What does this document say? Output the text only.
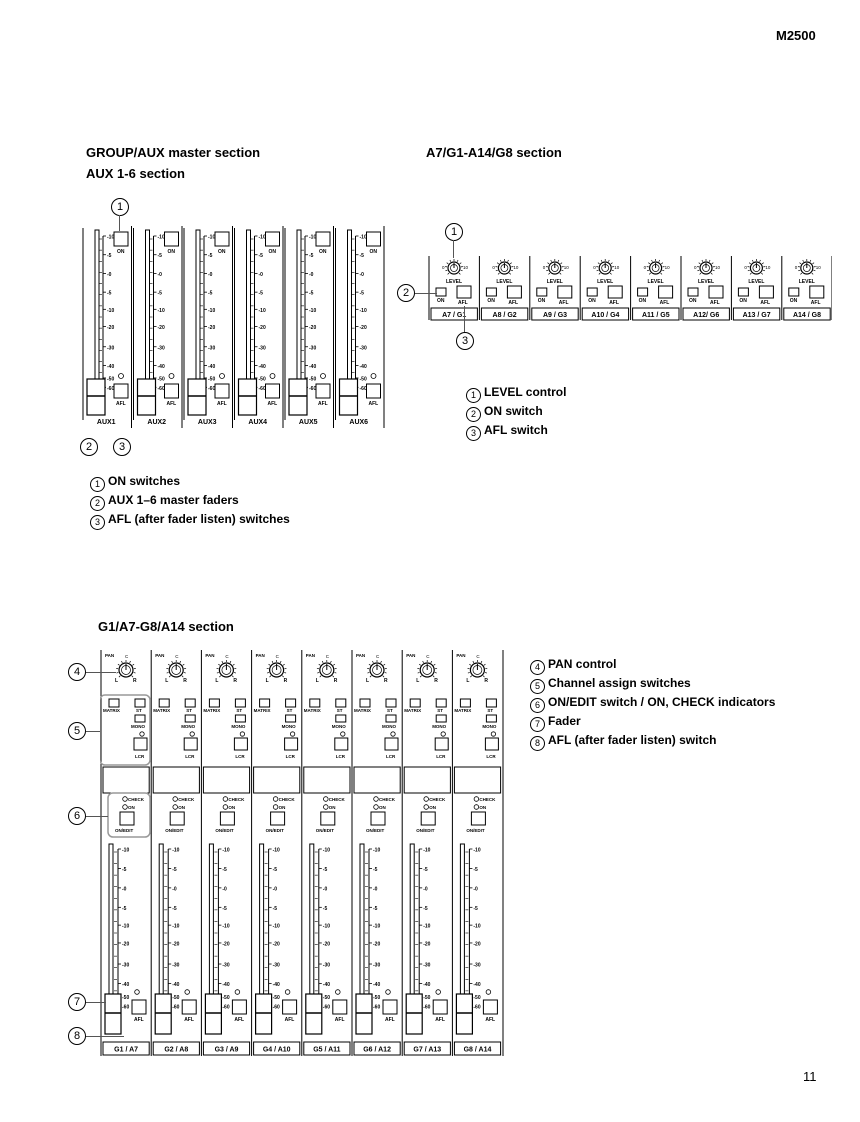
M2500
11
GROUP/AUX master section
AUX 1-6 section
-10
-5
-0
-5
-10
-20
-30
-40
-50
-60
ON
AFL
AUX1
-10
-5
-0
-5
-10
-20
-30
-40
-50
-60
ON
AFL
AUX2
-10
-5
-0
-5
-10
-20
-30
-40
-50
-60
ON
AFL
AUX3
-10
-5
-0
-5
-10
-20
-30
-40
-50
-60
ON
AFL
AUX4
-10
-5
-0
-5
-10
-20
-30
-40
-50
-60
ON
AFL
AUX5
-10
-5
-0
-5
-10
-20
-30
-40
-50
-60
ON
AFL
AUX6
1
2	3
1 ON switches
2 AUX 1–6 master faders
3 AFL (after fader listen) switches
A7/G1-A14/G8 section
0	10
LEVEL
ON	AFL
A7 / G1
0	10
LEVEL
ON	AFL
A8 / G2
0	10
LEVEL
ON	AFL
A9 / G3
0	10
LEVEL
ON	AFL
A10 / G4
0	10
LEVEL
ON	AFL
A11 / G5
0	10
LEVEL
ON	AFL
A12/ G6
0	10
LEVEL
ON	AFL
A13 / G7
0	10
LEVEL
ON	AFL
A14 / G8
1
2
3
1 LEVEL control
2 ON switch
3 AFL switch
G1/A7-G8/A14 section
PAN C
L	R
MATRIX	ST
MONO
LCR
CHECK
ON
ON/EDIT
-10
-5
-0
-5
-10
-20
-30
-40
-50
-60
AFL
G1 / A7
PAN C
L	R
MATRIX	ST
MONO
LCR
CHECK
ON
ON/EDIT
-10
-5
-0
-5
-10
-20
-30
-40
-50
-60
AFL
G2 / A8
PAN C
L	R
MATRIX	ST
MONO
LCR
CHECK
ON
ON/EDIT
-10
-5
-0
-5
-10
-20
-30
-40
-50
-60
AFL
G3 / A9
PAN C
L	R
MATRIX	ST
MONO
LCR
CHECK
ON
ON/EDIT
-10
-5
-0
-5
-10
-20
-30
-40
-50
-60
AFL
G4 / A10
PAN C
L	R
MATRIX	ST
MONO
LCR
CHECK
ON
ON/EDIT
-10
-5
-0
-5
-10
-20
-30
-40
-50
-60
AFL
G5 / A11
PAN C
L	R
MATRIX	ST
MONO
LCR
CHECK
ON
ON/EDIT
-10
-5
-0
-5
-10
-20
-30
-40
-50
-60
AFL
G6 / A12
PAN C
L	R
MATRIX	ST
MONO
LCR
CHECK
ON
ON/EDIT
-10
-5
-0
-5
-10
-20
-30
-40
-50
-60
AFL
G7 / A13
PAN C
L	R
MATRIX	ST
MONO
LCR
CHECK
ON
ON/EDIT
-10
-5
-0
-5
-10
-20
-30
-40
-50
-60
AFL
G8 / A14
4
5
6
7
8
4 PAN control
5 Channel assign switches
6 ON/EDIT switch / ON, CHECK indicators
7 Fader
8 AFL (after fader listen) switch
